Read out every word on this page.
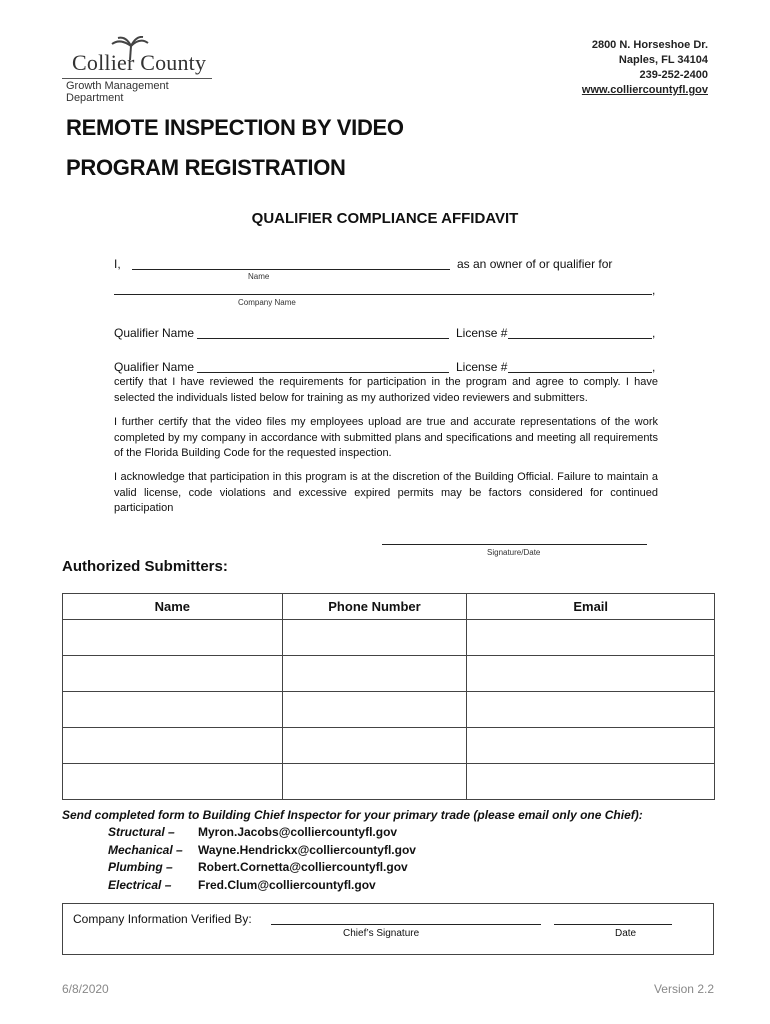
Collier County
Growth Management Department
2800 N. Horseshoe Dr.
Naples, FL 34104
239-252-2400
www.colliercountyfl.gov
REMOTE INSPECTION BY VIDEO
PROGRAM REGISTRATION
QUALIFIER COMPLIANCE AFFIDAVIT
I,	as an owner of or qualifier for
Name
,
Company Name
Qualifier Name	License #	,
Qualifier Name	License #	,
certify that I have reviewed the requirements for participation in the program and agree to comply. I have selected the individuals listed below for training as my authorized video reviewers and submitters.
I further certify that the video files my employees upload are true and accurate representations of the work completed by my company in accordance with submitted plans and specifications and meeting all requirements of the Florida Building Code for the requested inspection.
I acknowledge that participation in this program is at the discretion of the Building Official. Failure to maintain a valid license, code violations and excessive expired permits may be factors considered for continued participation
Signature/Date
Authorized Submitters:
Name	Phone Number	Email

Send completed form to Building Chief Inspector for your primary trade (please email only one Chief):
Structural – Myron.Jacobs@colliercountyfl.gov
Mechanical – Wayne.Hendrickx@colliercountyfl.gov
Plumbing – Robert.Cornetta@colliercountyfl.gov
Electrical – Fred.Clum@colliercountyfl.gov
Company Information Verified By:
Chief’s Signature	Date
6/8/2020	Version 2.2
